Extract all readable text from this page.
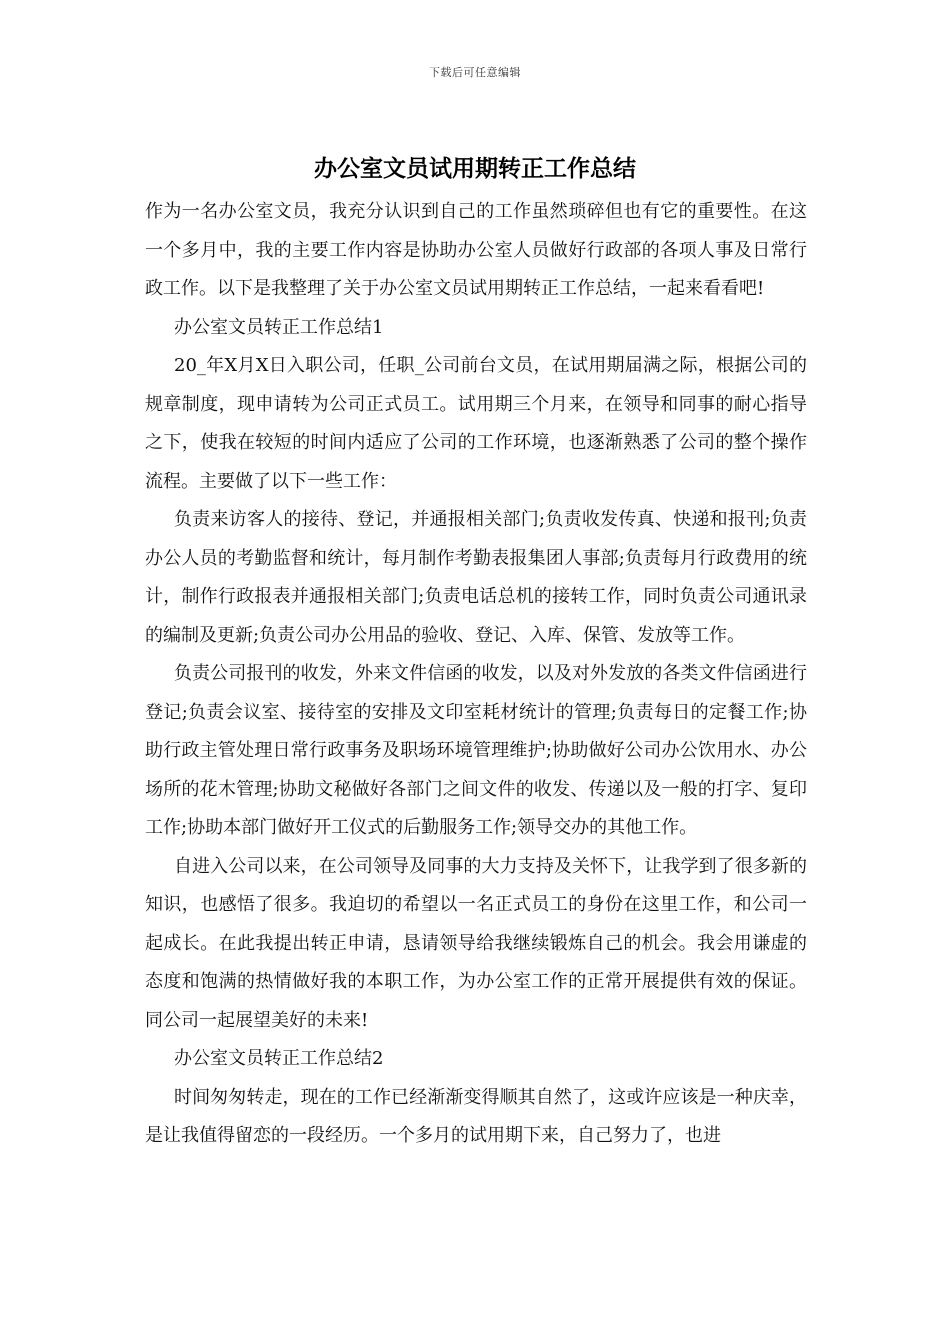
下载后可任意编辑
办公室文员试用期转正工作总结

作为一名办公室文员，我充分认识到自己的工作虽然琐碎但也有它的重要性。在这一个多月中，我的主要工作内容是协助办公室人员做好行政部的各项人事及日常行政工作。以下是我整理了关于办公室文员试用期转正工作总结，一起来看看吧!

办公室文员转正工作总结1

20_年X月X日入职公司，任职_公司前台文员，在试用期届满之际，根据公司的规章制度，现申请转为公司正式员工。试用期三个月来，在领导和同事的耐心指导之下，使我在较短的时间内适应了公司的工作环境，也逐渐熟悉了公司的整个操作流程。主要做了以下一些工作：

负责来访客人的接待、登记，并通报相关部门;负责收发传真、快递和报刊;负责办公人员的考勤监督和统计，每月制作考勤表报集团人事部;负责每月行政费用的统计，制作行政报表并通报相关部门;负责电话总机的接转工作，同时负责公司通讯录的编制及更新;负责公司办公用品的验收、登记、入库、保管、发放等工作。

负责公司报刊的收发，外来文件信函的收发，以及对外发放的各类文件信函进行登记;负责会议室、接待室的安排及文印室耗材统计的管理;负责每日的定餐工作;协助行政主管处理日常行政事务及职场环境管理维护;协助做好公司办公饮用水、办公场所的花木管理;协助文秘做好各部门之间文件的收发、传递以及一般的打字、复印工作;协助本部门做好开工仪式的后勤服务工作;领导交办的其他工作。

自进入公司以来，在公司领导及同事的大力支持及关怀下，让我学到了很多新的知识，也感悟了很多。我迫切的希望以一名正式员工的身份在这里工作，和公司一起成长。在此我提出转正申请，恳请领导给我继续锻炼自己的机会。我会用谦虚的态度和饱满的热情做好我的本职工作，为办公室工作的正常开展提供有效的保证。同公司一起展望美好的未来!

办公室文员转正工作总结2

时间匆匆转走，现在的工作已经渐渐变得顺其自然了，这或许应该是一种庆幸，是让我值得留恋的一段经历。一个多月的试用期下来，自己努力了，也进
